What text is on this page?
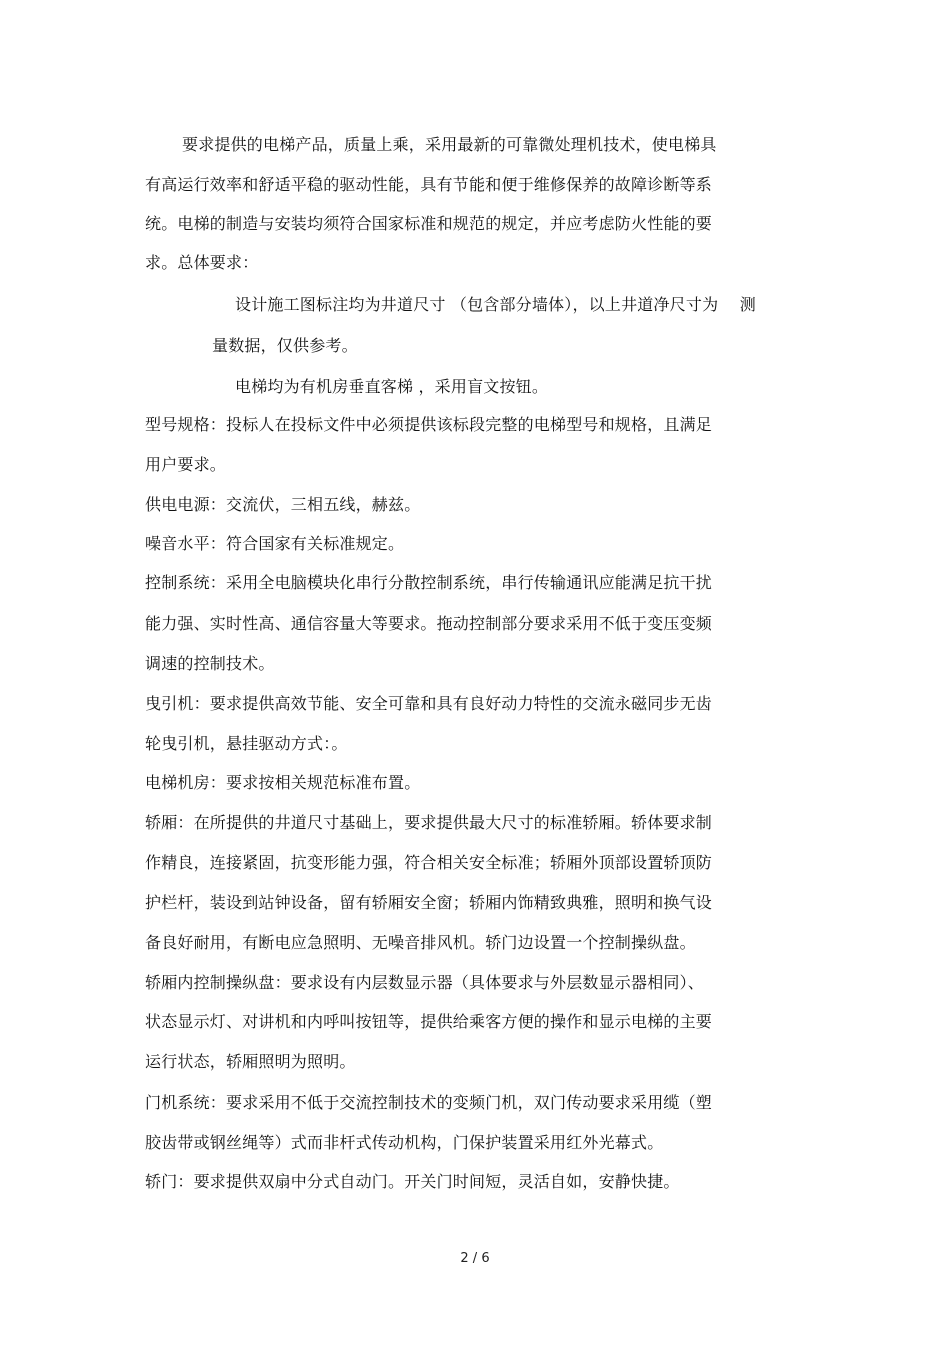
要求提供的电梯产品，质量上乘，采用最新的可靠微处理机技术，使电梯具
有高运行效率和舒适平稳的驱动性能，具有节能和便于维修保养的故障诊断等系
统。电梯的制造与安装均须符合国家标准和规范的规定，并应考虑防火性能的要
求。总体要求：
设计施工图标注均为井道尺寸 （包含部分墙体），以上井道净尺寸为　 测
量数据，仅供参考。
电梯均为有机房垂直客梯 ，采用盲文按钮。
型号规格：投标人在投标文件中必须提供该标段完整的电梯型号和规格，且满足
用户要求。
供电电源：交流伏，三相五线，赫兹。
噪音水平：符合国家有关标准规定。
控制系统：采用全电脑模块化串行分散控制系统，串行传输通讯应能满足抗干扰
能力强、实时性高、通信容量大等要求。拖动控制部分要求采用不低于变压变频
调速的控制技术。
曳引机：要求提供高效节能、安全可靠和具有良好动力特性的交流永磁同步无齿
轮曳引机，悬挂驱动方式：。
电梯机房：要求按相关规范标准布置。
轿厢：在所提供的井道尺寸基础上，要求提供最大尺寸的标准轿厢。轿体要求制
作精良，连接紧固，抗变形能力强，符合相关安全标准；轿厢外顶部设置轿顶防
护栏杆，装设到站钟设备，留有轿厢安全窗；轿厢内饰精致典雅，照明和换气设
备良好耐用，有断电应急照明、无噪音排风机。轿门边设置一个控制操纵盘。
轿厢内控制操纵盘：要求设有内层数显示器（具体要求与外层数显示器相同）、
状态显示灯、对讲机和内呼叫按钮等，提供给乘客方便的操作和显示电梯的主要
运行状态，轿厢照明为照明。
门机系统：要求采用不低于交流控制技术的变频门机，双门传动要求采用缆（塑
胶齿带或钢丝绳等）式而非杆式传动机构，门保护装置采用红外光幕式。
轿门：要求提供双扇中分式自动门。开关门时间短，灵活自如，安静快捷。
2 / 6
